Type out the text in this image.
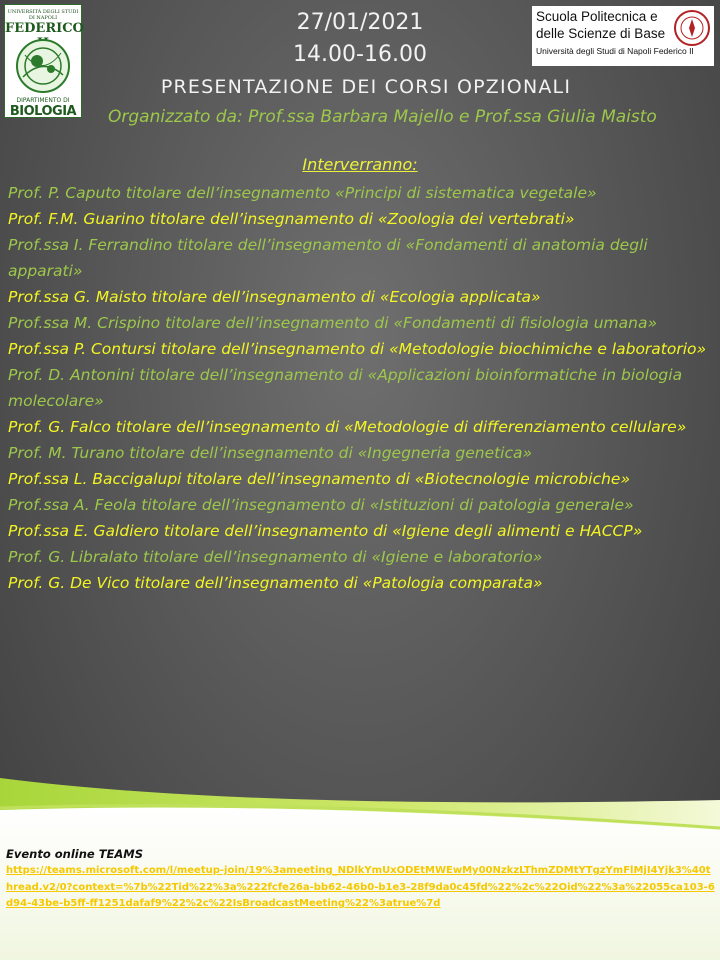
UNIVERSITÀ DEGLI STUDI DI NAPOLI
FEDERICO
DIPARTIMENTO DI
BIOLOGIA
Scuola Politecnica e
delle Scienze di Base
Università degli Studi di Napoli Federico II
27/01/2021
14.00-16.00
PRESENTAZIONE DEI CORSI OPZIONALI
Organizzato da: Prof.ssa Barbara Majello e Prof.ssa Giulia Maisto
Interverranno:
Prof. P. Caputo titolare dell’insegnamento «Principi di sistematica vegetale»
Prof. F.M. Guarino titolare dell’insegnamento di «Zoologia dei vertebrati»
Prof.ssa I. Ferrandino titolare dell’insegnamento di «Fondamenti di anatomia degli apparati»
Prof.ssa G. Maisto titolare dell’insegnamento di «Ecologia applicata»
Prof.ssa M. Crispino titolare dell’insegnamento di «Fondamenti di fisiologia umana»
Prof.ssa P. Contursi titolare dell’insegnamento di «Metodologie biochimiche e laboratorio»
Prof. D. Antonini titolare dell’insegnamento di «Applicazioni bioinformatiche in biologia molecolare»
Prof. G. Falco titolare dell’insegnamento di «Metodologie di differenziamento cellulare»
Prof. M. Turano titolare dell’insegnamento di «Ingegneria genetica»
Prof.ssa L. Baccigalupi titolare dell’insegnamento di «Biotecnologie microbiche»
Prof.ssa A. Feola titolare dell’insegnamento di «Istituzioni di patologia generale»
Prof.ssa E. Galdiero titolare dell’insegnamento di «Igiene degli alimenti e HACCP»
Prof. G. Libralato titolare dell’insegnamento di «Igiene e laboratorio»
Prof. G. De Vico titolare dell’insegnamento di «Patologia comparata»
Evento online TEAMS
https://teams.microsoft.com/l/meetup-join/19%3ameeting_NDlkYmUxODEtMWEwMy00NzkzLThmZDMtYTgzYmFlMjI4Yjk3%40thread.v2/0?context=%7b%22Tid%22%3a%222fcfe26a-bb62-46b0-b1e3-28f9da0c45fd%22%2c%22Oid%22%3a%22055ca103-6d94-43be-b5ff-ff1251dafaf9%22%2c%22IsBroadcastMeeting%22%3atrue%7d
